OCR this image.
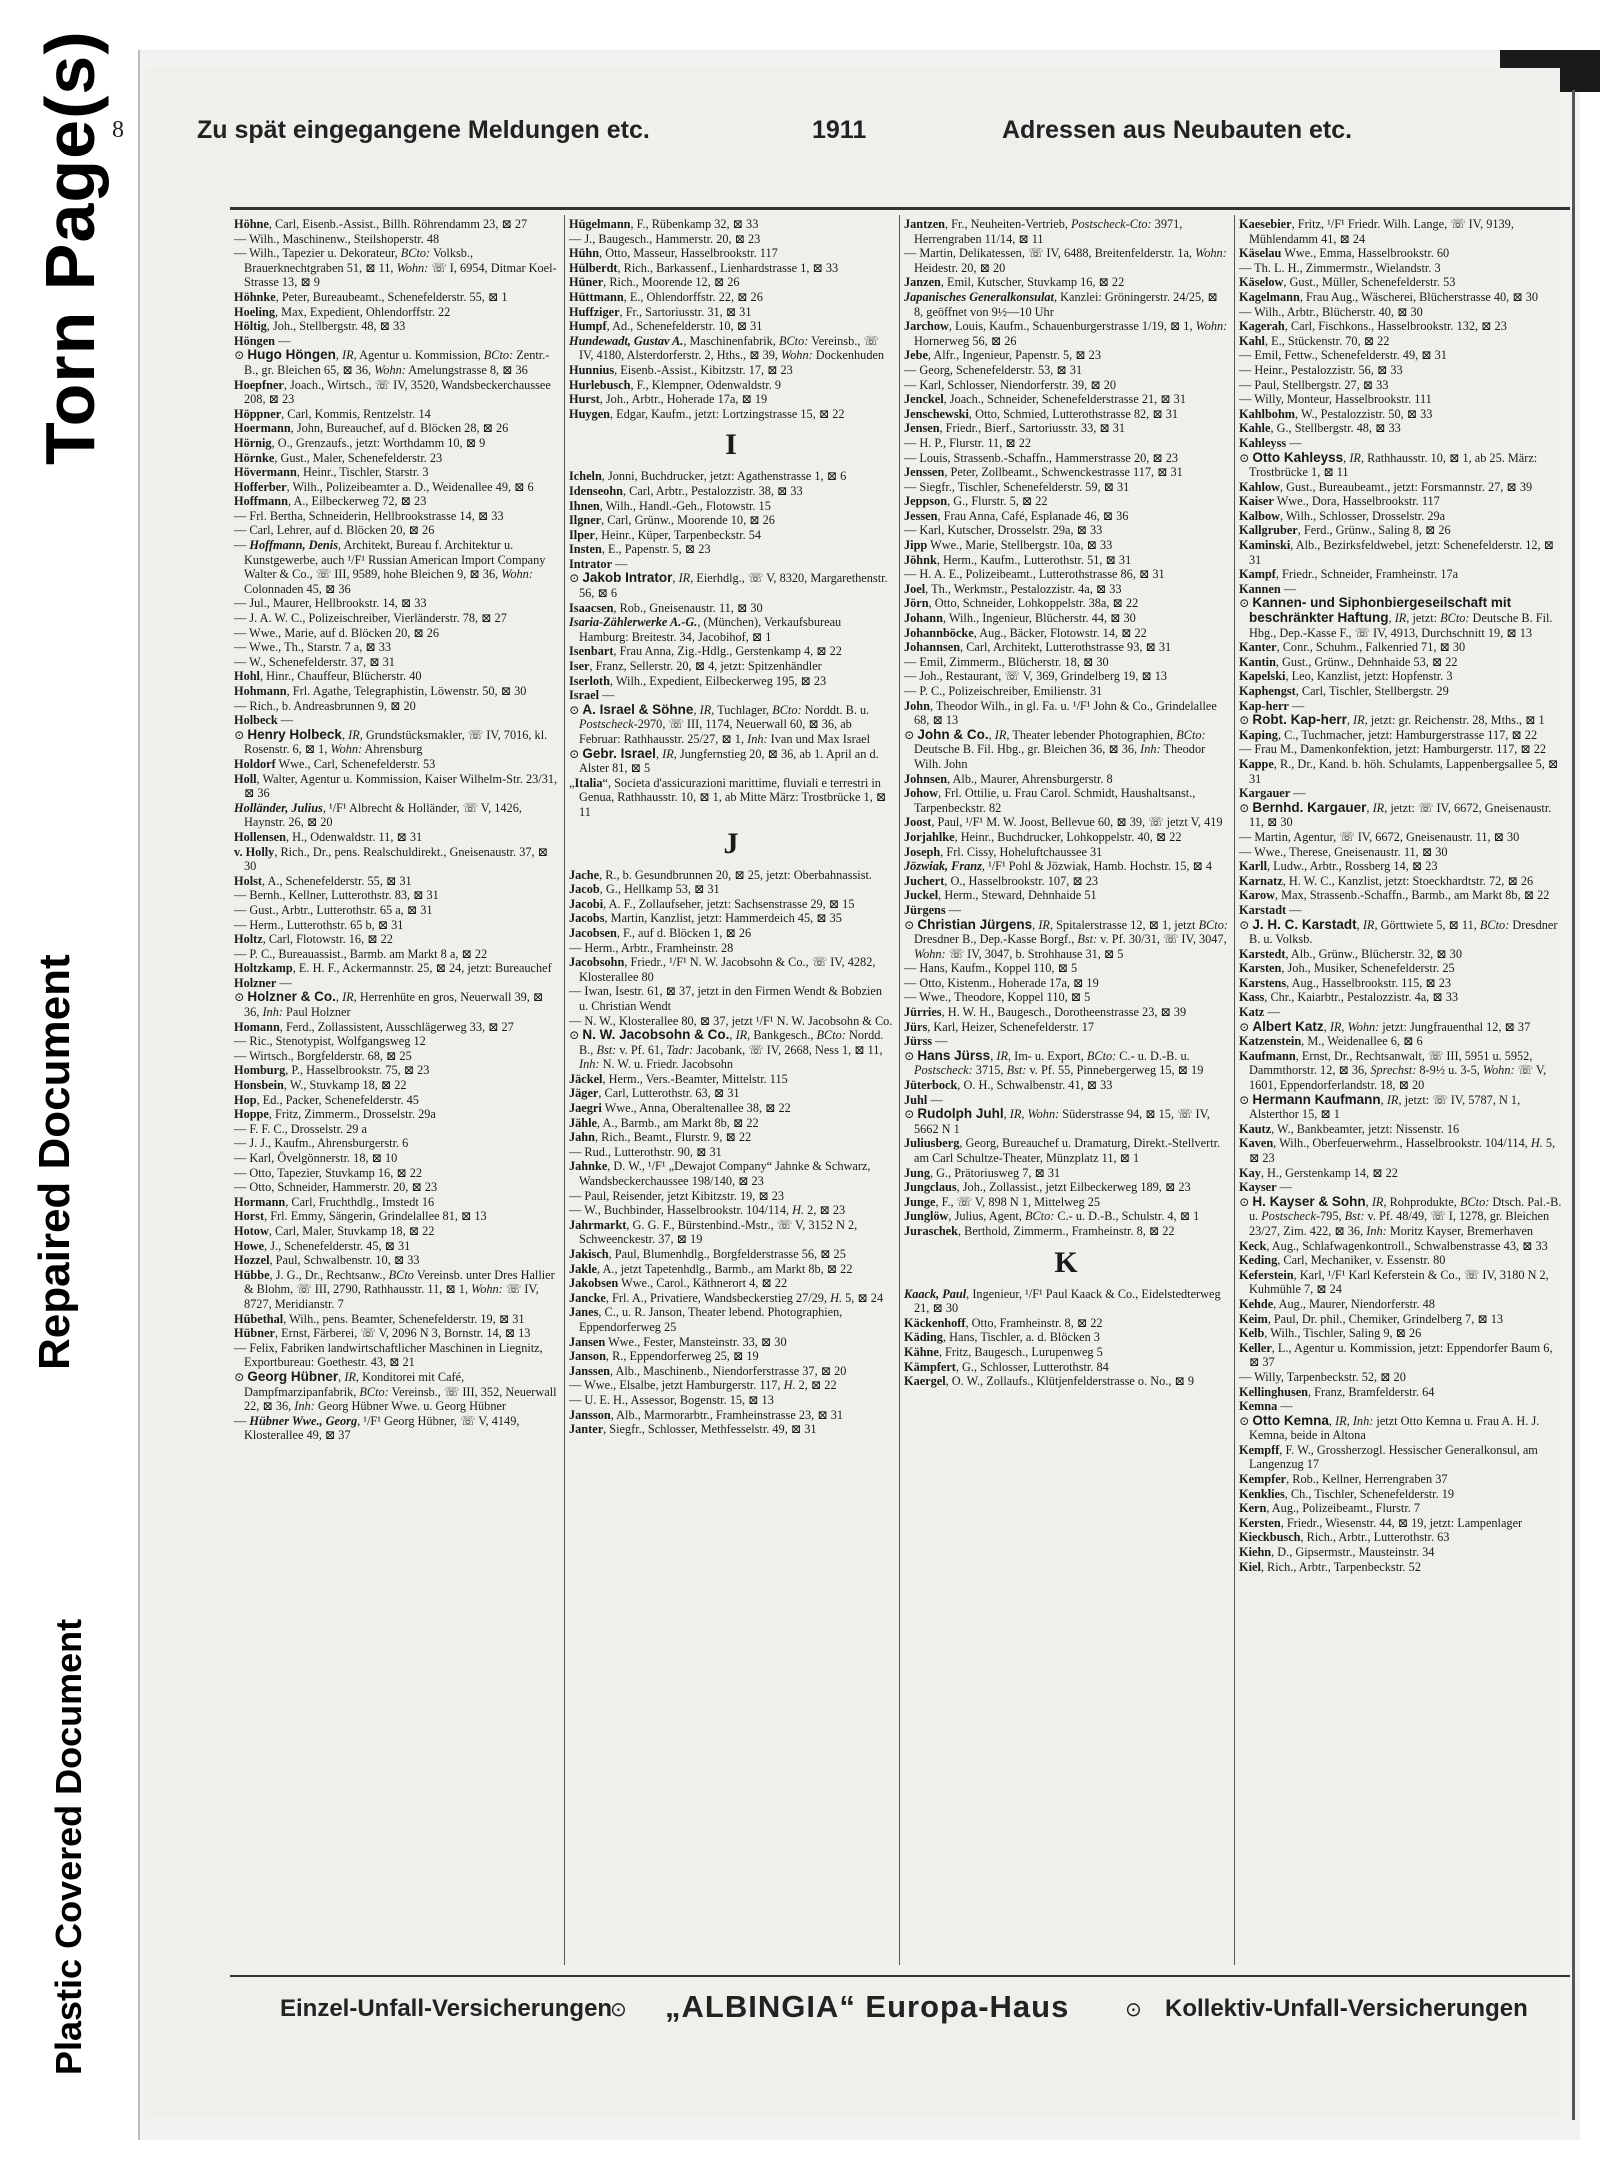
Torn Page(s)
Repaired Document
Plastic Covered Document
8	Zu spät eingegangene Meldungen etc.	1911	Adressen aus Neubauten etc.
Höhne, Carl, Eisenb.-Assist., Billh. Röhrendamm 23, ⊠ 27
— Wilh., Maschinenw., Steilshoperstr. 48
— Wilh., Tapezier u. Dekorateur, BCto: Volksb., Brauerknechtgraben 51, ⊠ 11, Wohn: ☏ I, 6954, Ditmar Koel-Strasse 13, ⊠ 9
Höhnke, Peter, Bureaubeamt., Schenefelderstr. 55, ⊠ 1
Hoeling, Max, Expedient, Ohlendorffstr. 22
Höltig, Joh., Stellbergstr. 48, ⊠ 33
Höngen —
⊙ Hugo Höngen, IR, Agentur u. Kommission, BCto: Zentr.-B., gr. Bleichen 65, ⊠ 36, Wohn: Amelungstrasse 8, ⊠ 36
Hoepfner, Joach., Wirtsch., ☏ IV, 3520, Wandsbeckerchaussee 208, ⊠ 23
Höppner, Carl, Kommis, Rentzelstr. 14
Hoermann, John, Bureauchef, auf d. Blöcken 28, ⊠ 26
Hörnig, O., Grenzaufs., jetzt: Worthdamm 10, ⊠ 9
Hörnke, Gust., Maler, Schenefelderstr. 23
Hövermann, Heinr., Tischler, Starstr. 3
Hofferber, Wilh., Polizeibeamter a. D., Weidenallee 49, ⊠ 6
Hoffmann, A., Eilbeckerweg 72, ⊠ 23
— Frl. Bertha, Schneiderin, Hellbrookstrasse 14, ⊠ 33
— Carl, Lehrer, auf d. Blöcken 20, ⊠ 26
— Hoffmann, Denis, Architekt, Bureau f. Architektur u. Kunstgewerbe, auch ¹/F¹ Russian American Import Company Walter & Co., ☏ III, 9589, hohe Bleichen 9, ⊠ 36, Wohn: Colonnaden 45, ⊠ 36
— Jul., Maurer, Hellbrookstr. 14, ⊠ 33
— J. A. W. C., Polizeischreiber, Vierländerstr. 78, ⊠ 27
— Wwe., Marie, auf d. Blöcken 20, ⊠ 26
— Wwe., Th., Starstr. 7 a, ⊠ 33
— W., Schenefelderstr. 37, ⊠ 31
Hohl, Hinr., Chauffeur, Blücherstr. 40
Hohmann, Frl. Agathe, Telegraphistin, Löwenstr. 50, ⊠ 30
— Rich., b. Andreasbrunnen 9, ⊠ 20
Holbeck —
⊙ Henry Holbeck, IR, Grundstücksmakler, ☏ IV, 7016, kl. Rosenstr. 6, ⊠ 1, Wohn: Ahrensburg
Holdorf Wwe., Carl, Schenefelderstr. 53
Holl, Walter, Agentur u. Kommission, Kaiser Wilhelm-Str. 23/31, ⊠ 36
Holländer, Julius, ¹/F¹ Albrecht & Holländer, ☏ V, 1426, Haynstr. 26, ⊠ 20
Hollensen, H., Odenwaldstr. 11, ⊠ 31
v. Holly, Rich., Dr., pens. Realschuldirekt., Gneisenaustr. 37, ⊠ 30
Holst, A., Schenefelderstr. 55, ⊠ 31
— Bernh., Kellner, Lutterothstr. 83, ⊠ 31
— Gust., Arbtr., Lutterothstr. 65 a, ⊠ 31
— Herm., Lutterothstr. 65 b, ⊠ 31
Holtz, Carl, Flotowstr. 16, ⊠ 22
— P. C., Bureauassist., Barmb. am Markt 8 a, ⊠ 22
Holtzkamp, E. H. F., Ackermannstr. 25, ⊠ 24, jetzt: Bureauchef
Holzner —
⊙ Holzner & Co., IR, Herrenhüte en gros, Neuerwall 39, ⊠ 36, Inh: Paul Holzner
Homann, Ferd., Zollassistent, Ausschlägerweg 33, ⊠ 27
— Ric., Stenotypist, Wolfgangsweg 12
— Wirtsch., Borgfelderstr. 68, ⊠ 25
Homburg, P., Hasselbrookstr. 75, ⊠ 23
Honsbein, W., Stuvkamp 18, ⊠ 22
Hop, Ed., Packer, Schenefelderstr. 45
Hoppe, Fritz, Zimmerm., Drosselstr. 29a
— F. F. C., Drosselstr. 29 a
— J. J., Kaufm., Ahrensburgerstr. 6
— Karl, Övelgönnerstr. 18, ⊠ 10
— Otto, Tapezier, Stuvkamp 16, ⊠ 22
— Otto, Schneider, Hammerstr. 20, ⊠ 23
Hormann, Carl, Fruchthdlg., Imstedt 16
Horst, Frl. Emmy, Sängerin, Grindelallee 81, ⊠ 13
Hotow, Carl, Maler, Stuvkamp 18, ⊠ 22
Howe, J., Schenefelderstr. 45, ⊠ 31
Hozzel, Paul, Schwalbenstr. 10, ⊠ 33
Hübbe, J. G., Dr., Rechtsanw., BCto Vereinsb. unter Dres Hallier & Blohm, ☏ III, 2790, Rathhausstr. 11, ⊠ 1, Wohn: ☏ IV, 8727, Meridianstr. 7
Hübethal, Wilh., pens. Beamter, Schenefelderstr. 19, ⊠ 31
Hübner, Ernst, Färberei, ☏ V, 2096 N 3, Bornstr. 14, ⊠ 13
— Felix, Fabriken landwirtschaftlicher Maschinen in Liegnitz, Exportbureau: Goethestr. 43, ⊠ 21
⊙ Georg Hübner, IR, Konditorei mit Café, Dampfmarzipanfabrik, BCto: Vereinsb., ☏ III, 352, Neuerwall 22, ⊠ 36, Inh: Georg Hübner Wwe. u. Georg Hübner
— Hübner Wwe., Georg, ¹/F¹ Georg Hübner, ☏ V, 4149, Klosterallee 49, ⊠ 37
Hügelmann, F., Rübenkamp 32, ⊠ 33
— J., Baugesch., Hammerstr. 20, ⊠ 23
Hühn, Otto, Masseur, Hasselbrookstr. 117
Hülberdt, Rich., Barkassenf., Lienhardstrasse 1, ⊠ 33
Hüner, Rich., Moorende 12, ⊠ 26
Hüttmann, E., Ohlendorffstr. 22, ⊠ 26
Huffziger, Fr., Sartoriusstr. 31, ⊠ 31
Humpf, Ad., Schenefelderstr. 10, ⊠ 31
Hundewadt, Gustav A., Maschinenfabrik, BCto: Vereinsb., ☏ IV, 4180, Alsterdorferstr. 2, Hths., ⊠ 39, Wohn: Dockenhuden
Hunnius, Eisenb.-Assist., Kibitzstr. 17, ⊠ 23
Hurlebusch, F., Klempner, Odenwaldstr. 9
Hurst, Joh., Arbtr., Hoherade 17a, ⊠ 19
Huygen, Edgar, Kaufm., jetzt: Lortzingstrasse 15, ⊠ 22
I
Icheln, Jonni, Buchdrucker, jetzt: Agathenstrasse 1, ⊠ 6
Idenseohn, Carl, Arbtr., Pestalozzistr. 38, ⊠ 33
Ihnen, Wilh., Handl.-Geh., Flotowstr. 15
Ilgner, Carl, Grünw., Moorende 10, ⊠ 26
Ilper, Heinr., Küper, Tarpenbeckstr. 54
Insten, E., Papenstr. 5, ⊠ 23
Intrator —
⊙ Jakob Intrator, IR, Eierhdlg., ☏ V, 8320, Margarethenstr. 56, ⊠ 6
Isaacsen, Rob., Gneisenaustr. 11, ⊠ 30
Isaria-Zählerwerke A.-G., (München), Verkaufsbureau Hamburg: Breitestr. 34, Jacobihof, ⊠ 1
Isenbart, Frau Anna, Zig.-Hdlg., Gerstenkamp 4, ⊠ 22
Iser, Franz, Sellerstr. 20, ⊠ 4, jetzt: Spitzenhändler
Iserloth, Wilh., Expedient, Eilbeckerweg 195, ⊠ 23
Israel —
⊙ A. Israel & Söhne, IR, Tuchlager, BCto: Norddt. B. u. Postscheck-2970, ☏ III, 1174, Neuerwall 60, ⊠ 36, ab Februar: Rathhausstr. 25/27, ⊠ 1, Inh: Ivan und Max Israel
⊙ Gebr. Israel, IR, Jungfernstieg 20, ⊠ 36, ab 1. April an d. Alster 81, ⊠ 5
„Italia“, Societa d'assicurazioni marittime, fluviali e terrestri in Genua, Rathhausstr. 10, ⊠ 1, ab Mitte März: Trostbrücke 1, ⊠ 11
J
Jache, R., b. Gesundbrunnen 20, ⊠ 25, jetzt: Oberbahnassist.
Jacob, G., Hellkamp 53, ⊠ 31
Jacobi, A. F., Zollaufseher, jetzt: Sachsenstrasse 29, ⊠ 15
Jacobs, Martin, Kanzlist, jetzt: Hammerdeich 45, ⊠ 35
Jacobsen, F., auf d. Blöcken 1, ⊠ 26
— Herm., Arbtr., Framheinstr. 28
Jacobsohn, Friedr., ¹/F¹ N. W. Jacobsohn & Co., ☏ IV, 4282, Klosterallee 80
— Iwan, Isestr. 61, ⊠ 37, jetzt in den Firmen Wendt & Bobzien u. Christian Wendt
— N. W., Klosterallee 80, ⊠ 37, jetzt ¹/F¹ N. W. Jacobsohn & Co.
⊙ N. W. Jacobsohn & Co., IR, Bankgesch., BCto: Nordd. B., Bst: v. Pf. 61, Tadr: Jacobank, ☏ IV, 2668, Ness 1, ⊠ 11, Inh: N. W. u. Friedr. Jacobsohn
Jäckel, Herm., Vers.-Beamter, Mittelstr. 115
Jäger, Carl, Lutterothstr. 63, ⊠ 31
Jaegri Wwe., Anna, Oberaltenallee 38, ⊠ 22
Jähle, A., Barmb., am Markt 8b, ⊠ 22
Jahn, Rich., Beamt., Flurstr. 9, ⊠ 22
— Rud., Lutterothstr. 90, ⊠ 31
Jahnke, D. W., ¹/F¹ „Dewajot Company“ Jahnke & Schwarz, Wandsbeckerchaussee 198/140, ⊠ 23
— Paul, Reisender, jetzt Kibitzstr. 19, ⊠ 23
— W., Buchbinder, Hasselbrookstr. 104/114, H. 2, ⊠ 23
Jahrmarkt, G. G. F., Bürstenbind.-Mstr., ☏ V, 3152 N 2, Schweenckestr. 37, ⊠ 19
Jakisch, Paul, Blumenhdlg., Borgfelderstrasse 56, ⊠ 25
Jakle, A., jetzt Tapetenhdlg., Barmb., am Markt 8b, ⊠ 22
Jakobsen Wwe., Carol., Käthnerort 4, ⊠ 22
Jancke, Frl. A., Privatiere, Wandsbeckerstieg 27/29, H. 5, ⊠ 24
Janes, C., u. R. Janson, Theater lebend. Photographien, Eppendorferweg 25
Jansen Wwe., Fester, Mansteinstr. 33, ⊠ 30
Janson, R., Eppendorferweg 25, ⊠ 19
Janssen, Alb., Maschinenb., Niendorferstrasse 37, ⊠ 20
— Wwe., Elsalbe, jetzt Hamburgerstr. 117, H. 2, ⊠ 22
— U. E. H., Assessor, Bogenstr. 15, ⊠ 13
Jansson, Alb., Marmorarbtr., Framheinstrasse 23, ⊠ 31
Janter, Siegfr., Schlosser, Methfesselstr. 49, ⊠ 31
Jantzen, Fr., Neuheiten-Vertrieb, Postscheck-Cto: 3971, Herrengraben 11/14, ⊠ 11
— Martin, Delikatessen, ☏ IV, 6488, Breitenfelderstr. 1a, Wohn: Heidestr. 20, ⊠ 20
Janzen, Emil, Kutscher, Stuvkamp 16, ⊠ 22
Japanisches Generalkonsulat, Kanzlei: Gröningerstr. 24/25, ⊠ 8, geöffnet von 9½—10 Uhr
Jarchow, Louis, Kaufm., Schauenburgerstrasse 1/19, ⊠ 1, Wohn: Hornerweg 56, ⊠ 26
Jebe, Alfr., Ingenieur, Papenstr. 5, ⊠ 23
— Georg, Schenefelderstr. 53, ⊠ 31
— Karl, Schlosser, Niendorferstr. 39, ⊠ 20
Jenckel, Joach., Schneider, Schenefelderstrasse 21, ⊠ 31
Jenschewski, Otto, Schmied, Lutterothstrasse 82, ⊠ 31
Jensen, Friedr., Bierf., Sartoriusstr. 33, ⊠ 31
— H. P., Flurstr. 11, ⊠ 22
— Louis, Strassenb.-Schaffn., Hammerstrasse 20, ⊠ 23
Jenssen, Peter, Zollbeamt., Schwenckestrasse 117, ⊠ 31
— Siegfr., Tischler, Schenefelderstr. 59, ⊠ 31
Jeppson, G., Flurstr. 5, ⊠ 22
Jessen, Frau Anna, Café, Esplanade 46, ⊠ 36
— Karl, Kutscher, Drosselstr. 29a, ⊠ 33
Jipp Wwe., Marie, Stellbergstr. 10a, ⊠ 33
Jöhnk, Herm., Kaufm., Lutterothstr. 51, ⊠ 31
— H. A. E., Polizeibeamt., Lutterothstrasse 86, ⊠ 31
Joel, Th., Werkmstr., Pestalozzistr. 4a, ⊠ 33
Jörn, Otto, Schneider, Lohkoppelstr. 38a, ⊠ 22
Johann, Wilh., Ingenieur, Blücherstr. 44, ⊠ 30
Johannböcke, Aug., Bäcker, Flotowstr. 14, ⊠ 22
Johannsen, Carl, Architekt, Lutterothstrasse 93, ⊠ 31
— Emil, Zimmerm., Blücherstr. 18, ⊠ 30
— Joh., Restaurant, ☏ V, 369, Grindelberg 19, ⊠ 13
— P. C., Polizeischreiber, Emilienstr. 31
John, Theodor Wilh., in gl. Fa. u. ¹/F¹ John & Co., Grindelallee 68, ⊠ 13
⊙ John & Co., IR, Theater lebender Photographien, BCto: Deutsche B. Fil. Hbg., gr. Bleichen 36, ⊠ 36, Inh: Theodor Wilh. John
Johnsen, Alb., Maurer, Ahrensburgerstr. 8
Johow, Frl. Ottilie, u. Frau Carol. Schmidt, Haushaltsanst., Tarpenbeckstr. 82
Joost, Paul, ¹/F¹ M. W. Joost, Bellevue 60, ⊠ 39, ☏ jetzt V, 419
Jorjahlke, Heinr., Buchdrucker, Lohkoppelstr. 40, ⊠ 22
Joseph, Frl. Cissy, Hoheluftchaussee 31
Jözwiak, Franz, ¹/F¹ Pohl & Jözwiak, Hamb. Hochstr. 15, ⊠ 4
Juchert, O., Hasselbrookstr. 107, ⊠ 23
Juckel, Herm., Steward, Dehnhaide 51
Jürgens —
⊙ Christian Jürgens, IR, Spitalerstrasse 12, ⊠ 1, jetzt BCto: Dresdner B., Dep.-Kasse Borgf., Bst: v. Pf. 30/31, ☏ IV, 3047, Wohn: ☏ IV, 3047, b. Strohhause 31, ⊠ 5
— Hans, Kaufm., Koppel 110, ⊠ 5
— Otto, Kistenm., Hoherade 17a, ⊠ 19
— Wwe., Theodore, Koppel 110, ⊠ 5
Jürries, H. W. H., Baugesch., Dorotheenstrasse 23, ⊠ 39
Jürs, Karl, Heizer, Schenefelderstr. 17
Jürss —
⊙ Hans Jürss, IR, Im- u. Export, BCto: C.- u. D.-B. u. Postscheck: 3715, Bst: v. Pf. 55, Pinnebergerweg 15, ⊠ 19
Jüterbock, O. H., Schwalbenstr. 41, ⊠ 33
Juhl —
⊙ Rudolph Juhl, IR, Wohn: Süderstrasse 94, ⊠ 15, ☏ IV, 5662 N 1
Juliusberg, Georg, Bureauchef u. Dramaturg, Direkt.-Stellvertr. am Carl Schultze-Theater, Münzplatz 11, ⊠ 1
Jung, G., Prätoriusweg 7, ⊠ 31
Jungclaus, Joh., Zollassist., jetzt Eilbeckerweg 189, ⊠ 23
Junge, F., ☏ V, 898 N 1, Mittelweg 25
Junglöw, Julius, Agent, BCto: C.- u. D.-B., Schulstr. 4, ⊠ 1
Juraschek, Berthold, Zimmerm., Framheinstr. 8, ⊠ 22
K
Kaack, Paul, Ingenieur, ¹/F¹ Paul Kaack & Co., Eidelstedterweg 21, ⊠ 30
Käckenhoff, Otto, Framheinstr. 8, ⊠ 22
Käding, Hans, Tischler, a. d. Blöcken 3
Kähne, Fritz, Baugesch., Lurupenweg 5
Kämpfert, G., Schlosser, Lutterothstr. 84
Kaergel, O. W., Zollaufs., Klütjenfelderstrasse o. No., ⊠ 9
Kaesebier, Fritz, ¹/F¹ Friedr. Wilh. Lange, ☏ IV, 9139, Mühlendamm 41, ⊠ 24
Käselau Wwe., Emma, Hasselbrookstr. 60
— Th. L. H., Zimmermstr., Wielandstr. 3
Käselow, Gust., Müller, Schenefelderstr. 53
Kagelmann, Frau Aug., Wäscherei, Blücherstrasse 40, ⊠ 30
— Wilh., Arbtr., Blücherstr. 40, ⊠ 30
Kagerah, Carl, Fischkons., Hasselbrookstr. 132, ⊠ 23
Kahl, E., Stückenstr. 70, ⊠ 22
— Emil, Fettw., Schenefelderstr. 49, ⊠ 31
— Heinr., Pestalozzistr. 56, ⊠ 33
— Paul, Stellbergstr. 27, ⊠ 33
— Willy, Monteur, Hasselbrookstr. 111
Kahlbohm, W., Pestalozzistr. 50, ⊠ 33
Kahle, G., Stellbergstr. 48, ⊠ 33
Kahleyss —
⊙ Otto Kahleyss, IR, Rathhausstr. 10, ⊠ 1, ab 25. März: Trostbrücke 1, ⊠ 11
Kahlow, Gust., Bureaubeamt., jetzt: Forsmannstr. 27, ⊠ 39
Kaiser Wwe., Dora, Hasselbrookstr. 117
Kalbow, Wilh., Schlosser, Drosselstr. 29a
Kallgruber, Ferd., Grünw., Saling 8, ⊠ 26
Kaminski, Alb., Bezirksfeldwebel, jetzt: Schenefelderstr. 12, ⊠ 31
Kampf, Friedr., Schneider, Framheinstr. 17a
Kannen —
⊙ Kannen- und Siphonbiergeseilschaft mit beschränkter Haftung, IR, jetzt: BCto: Deutsche B. Fil. Hbg., Dep.-Kasse F., ☏ IV, 4913, Durchschnitt 19, ⊠ 13
Kanter, Conr., Schuhm., Falkenried 71, ⊠ 30
Kantin, Gust., Grünw., Dehnhaide 53, ⊠ 22
Kapelski, Leo, Kanzlist, jetzt: Hopfenstr. 3
Kaphengst, Carl, Tischler, Stellbergstr. 29
Kap-herr —
⊙ Robt. Kap-herr, IR, jetzt: gr. Reichenstr. 28, Mths., ⊠ 1
Kaping, C., Tuchmacher, jetzt: Hamburgerstrasse 117, ⊠ 22
— Frau M., Damenkonfektion, jetzt: Hamburgerstr. 117, ⊠ 22
Kappe, R., Dr., Kand. b. höh. Schulamts, Lappenbergsallee 5, ⊠ 31
Kargauer —
⊙ Bernhd. Kargauer, IR, jetzt: ☏ IV, 6672, Gneisenaustr. 11, ⊠ 30
— Martin, Agentur, ☏ IV, 6672, Gneisenaustr. 11, ⊠ 30
— Wwe., Therese, Gneisenaustr. 11, ⊠ 30
Karll, Ludw., Arbtr., Rossberg 14, ⊠ 23
Karnatz, H. W. C., Kanzlist, jetzt: Stoeckhardtstr. 72, ⊠ 26
Karow, Max, Strassenb.-Schaffn., Barmb., am Markt 8b, ⊠ 22
Karstadt —
⊙ J. H. C. Karstadt, IR, Görttwiete 5, ⊠ 11, BCto: Dresdner B. u. Volksb.
Karstedt, Alb., Grünw., Blücherstr. 32, ⊠ 30
Karsten, Joh., Musiker, Schenefelderstr. 25
Karstens, Aug., Hasselbrookstr. 115, ⊠ 23
Kass, Chr., Kaiarbtr., Pestalozzistr. 4a, ⊠ 33
Katz —
⊙ Albert Katz, IR, Wohn: jetzt: Jungfrauenthal 12, ⊠ 37
Katzenstein, M., Weidenallee 6, ⊠ 6
Kaufmann, Ernst, Dr., Rechtsanwalt, ☏ III, 5951 u. 5952, Dammthorstr. 12, ⊠ 36, Sprechst: 8-9½ u. 3-5, Wohn: ☏ V, 1601, Eppendorferlandstr. 18, ⊠ 20
⊙ Hermann Kaufmann, IR, jetzt: ☏ IV, 5787, N 1, Alsterthor 15, ⊠ 1
Kautz, W., Bankbeamter, jetzt: Nissenstr. 16
Kaven, Wilh., Oberfeuerwehrm., Hasselbrookstr. 104/114, H. 5, ⊠ 23
Kay, H., Gerstenkamp 14, ⊠ 22
Kayser —
⊙ H. Kayser & Sohn, IR, Rohprodukte, BCto: Dtsch. Pal.-B. u. Postscheck-795, Bst: v. Pf. 48/49, ☏ I, 1278, gr. Bleichen 23/27, Zim. 422, ⊠ 36, Inh: Moritz Kayser, Bremerhaven
Keck, Aug., Schlafwagenkontroll., Schwalbenstrasse 43, ⊠ 33
Keding, Carl, Mechaniker, v. Essenstr. 80
Keferstein, Karl, ¹/F¹ Karl Keferstein & Co., ☏ IV, 3180 N 2, Kuhmühle 7, ⊠ 24
Kehde, Aug., Maurer, Niendorferstr. 48
Keim, Paul, Dr. phil., Chemiker, Grindelberg 7, ⊠ 13
Kelb, Wilh., Tischler, Saling 9, ⊠ 26
Keller, L., Agentur u. Kommission, jetzt: Eppendorfer Baum 6, ⊠ 37
— Willy, Tarpenbeckstr. 52, ⊠ 20
Kellinghusen, Franz, Bramfelderstr. 64
Kemna —
⊙ Otto Kemna, IR, Inh: jetzt Otto Kemna u. Frau A. H. J. Kemna, beide in Altona
Kempff, F. W., Grossherzogl. Hessischer Generalkonsul, am Langenzug 17
Kempfer, Rob., Kellner, Herrengraben 37
Kenklies, Ch., Tischler, Schenefelderstr. 19
Kern, Aug., Polizeibeamt., Flurstr. 7
Kersten, Friedr., Wiesenstr. 44, ⊠ 19, jetzt: Lampenlager
Kieckbusch, Rich., Arbtr., Lutterothstr. 63
Kiehn, D., Gipsermstr., Mausteinstr. 34
Kiel, Rich., Arbtr., Tarpenbeckstr. 52
Einzel-Unfall-Versicherungen
⊙ „ALBINGIA“ Europa-Haus	⊙ Kollektiv-Unfall-Versicherungen
